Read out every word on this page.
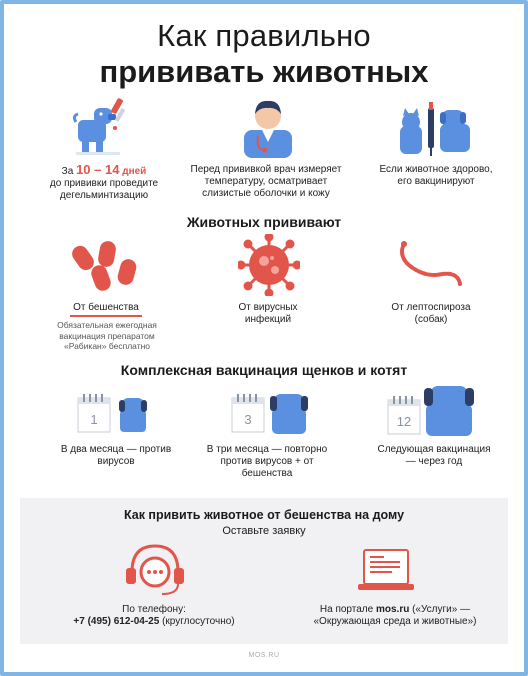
Как правильно
прививать животных
За 10 – 14 дней
до прививки проведите дегельминтизацию
Перед прививкой врач измеряет температуру, осматривает слизистые оболочки и кожу
Если животное здорово, его вакцинируют
Животных прививают
От бешенства
Обязательная ежегодная вакцинация препаратом «Рабикан» бесплатно
От вирусных инфекций
От лептоспироза (собак)
Комплексная вакцинация щенков и котят
1
В два месяца — против вирусов
3
В три месяца — повторно против вирусов + от бешенства
12
Следующая вакцинация — через год
Как привить животное от бешенства на дому
Оставьте заявку
По телефону:
+7 (495) 612-04-25 (круглосуточно)
На портале mos.ru («Услуги» —
«Окружающая среда и животные»)
MOS.RU
